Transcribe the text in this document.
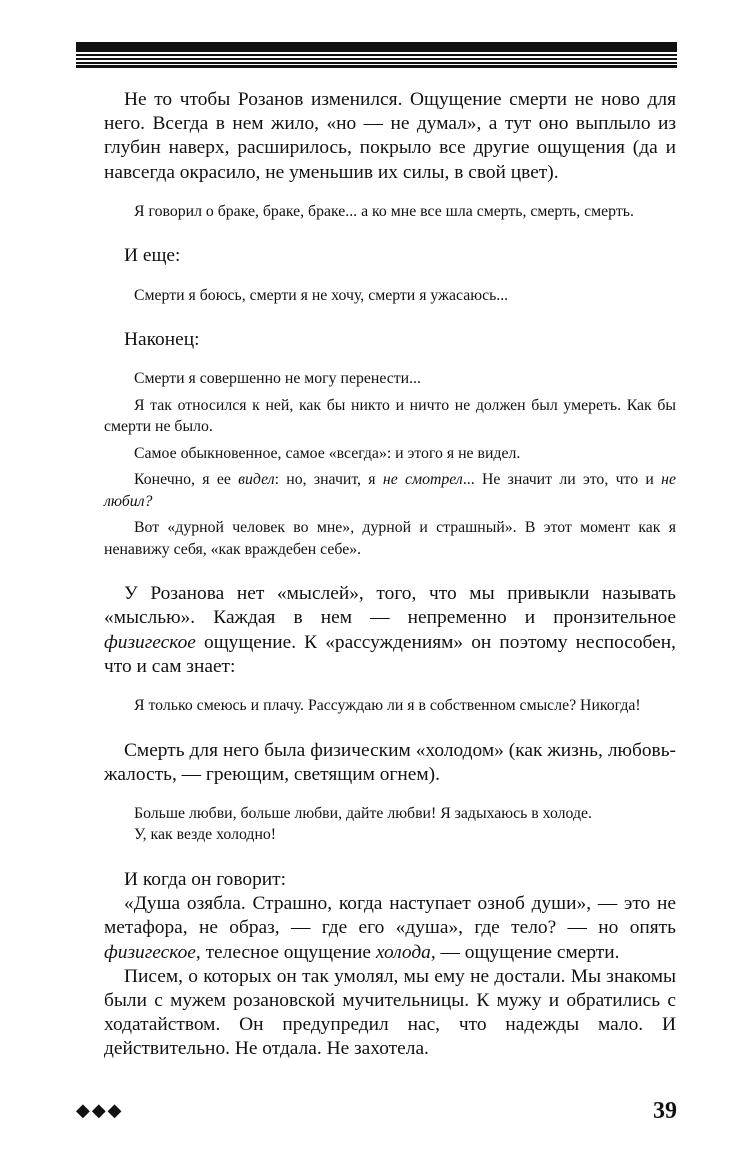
Не то чтобы Розанов изменился. Ощущение смерти не ново для него. Всегда в нем жило, «но — не думал», а тут оно выплыло из глубин наверх, расширилось, покрыло все другие ощущения (да и навсегда окрасило, не уменьшив их силы, в свой цвет).

Я говорил о браке, браке, браке... а ко мне все шла смерть, смерть, смерть.

И еще:

Смерти я боюсь, смерти я не хочу, смерти я ужасаюсь...

Наконец:

Смерти я совершенно не могу перенести...

Я так относился к ней, как бы никто и ничто не должен был умереть. Как бы смерти не было.

Самое обыкновенное, самое «всегда»: и этого я не видел.

Конечно, я ее видел: но, значит, я не смотрел... Не значит ли это, что и не любил?

Вот «дурной человек во мне», дурной и страшный». В этот момент как я ненавижу себя, «как враждебен себе».

У Розанова нет «мыслей», того, что мы привыкли называть «мыслью». Каждая в нем — непременно и пронзительное физигеское ощущение. К «рассуждениям» он поэтому неспособен, что и сам знает:

Я только смеюсь и плачу. Рассуждаю ли я в собственном смысле? Никогда!

Смерть для него была физическим «холодом» (как жизнь, любовь-жалость, — греющим, светящим огнем).

Больше любви, больше любви, дайте любви! Я задыхаюсь в холоде.

У, как везде холодно!

И когда он говорит:

«Душа озябла. Страшно, когда наступает озноб души», — это не метафора, не образ, — где его «душа», где тело? — но опять физигеское, телесное ощущение холода, — ощущение смерти.

Писем, о которых он так умолял, мы ему не достали. Мы знакомы были с мужем розановской мучительницы. К мужу и обратились с ходатайством. Он предупредил нас, что надежды мало. И действительно. Не отдала. Не захотела.

◆◆◆	39
